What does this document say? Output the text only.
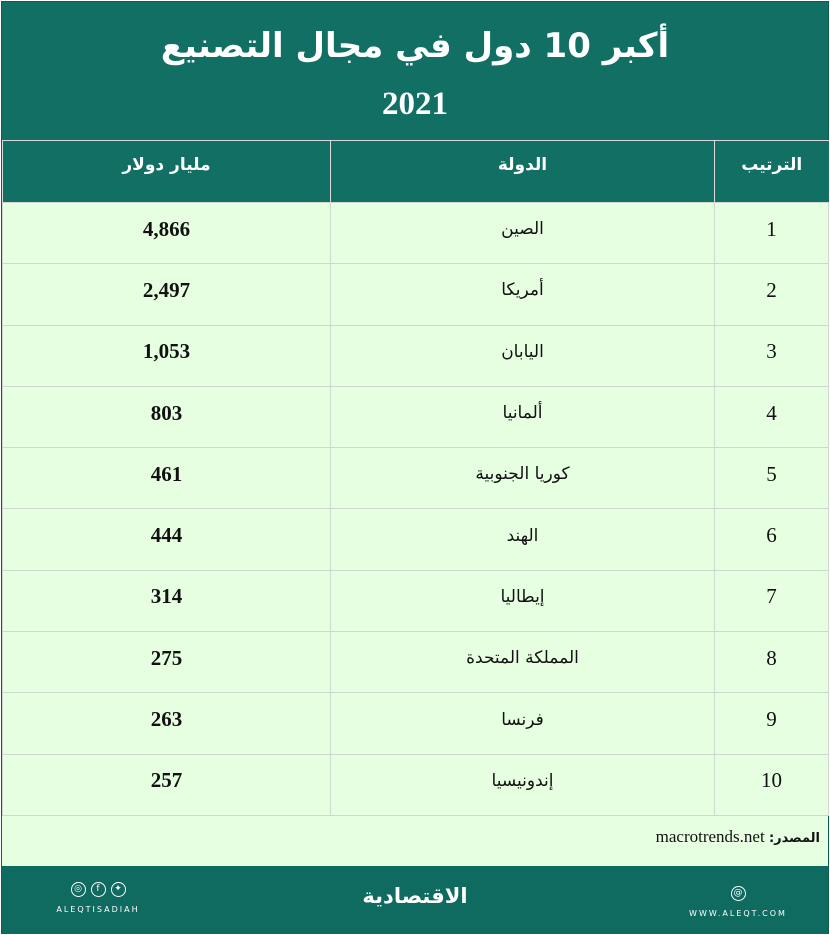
أكبر 10 دول في مجال التصنيع
2021
الترتيب	الدولة	مليار دولار
1	الصين	4,866
2	أمريكا	2,497
3	اليابان	1,053
4	ألمانيا	803
5	كوريا الجنوبية	461
6	الهند	444
7	إيطاليا	314
8	المملكة المتحدة	275
9	فرنسا	263
10	إندونيسيا	257
المصدر: macrotrends.net
◎	f	✦
ALEQTISADIAH
الاقتصادية	@
WWW.ALEQT.COM
